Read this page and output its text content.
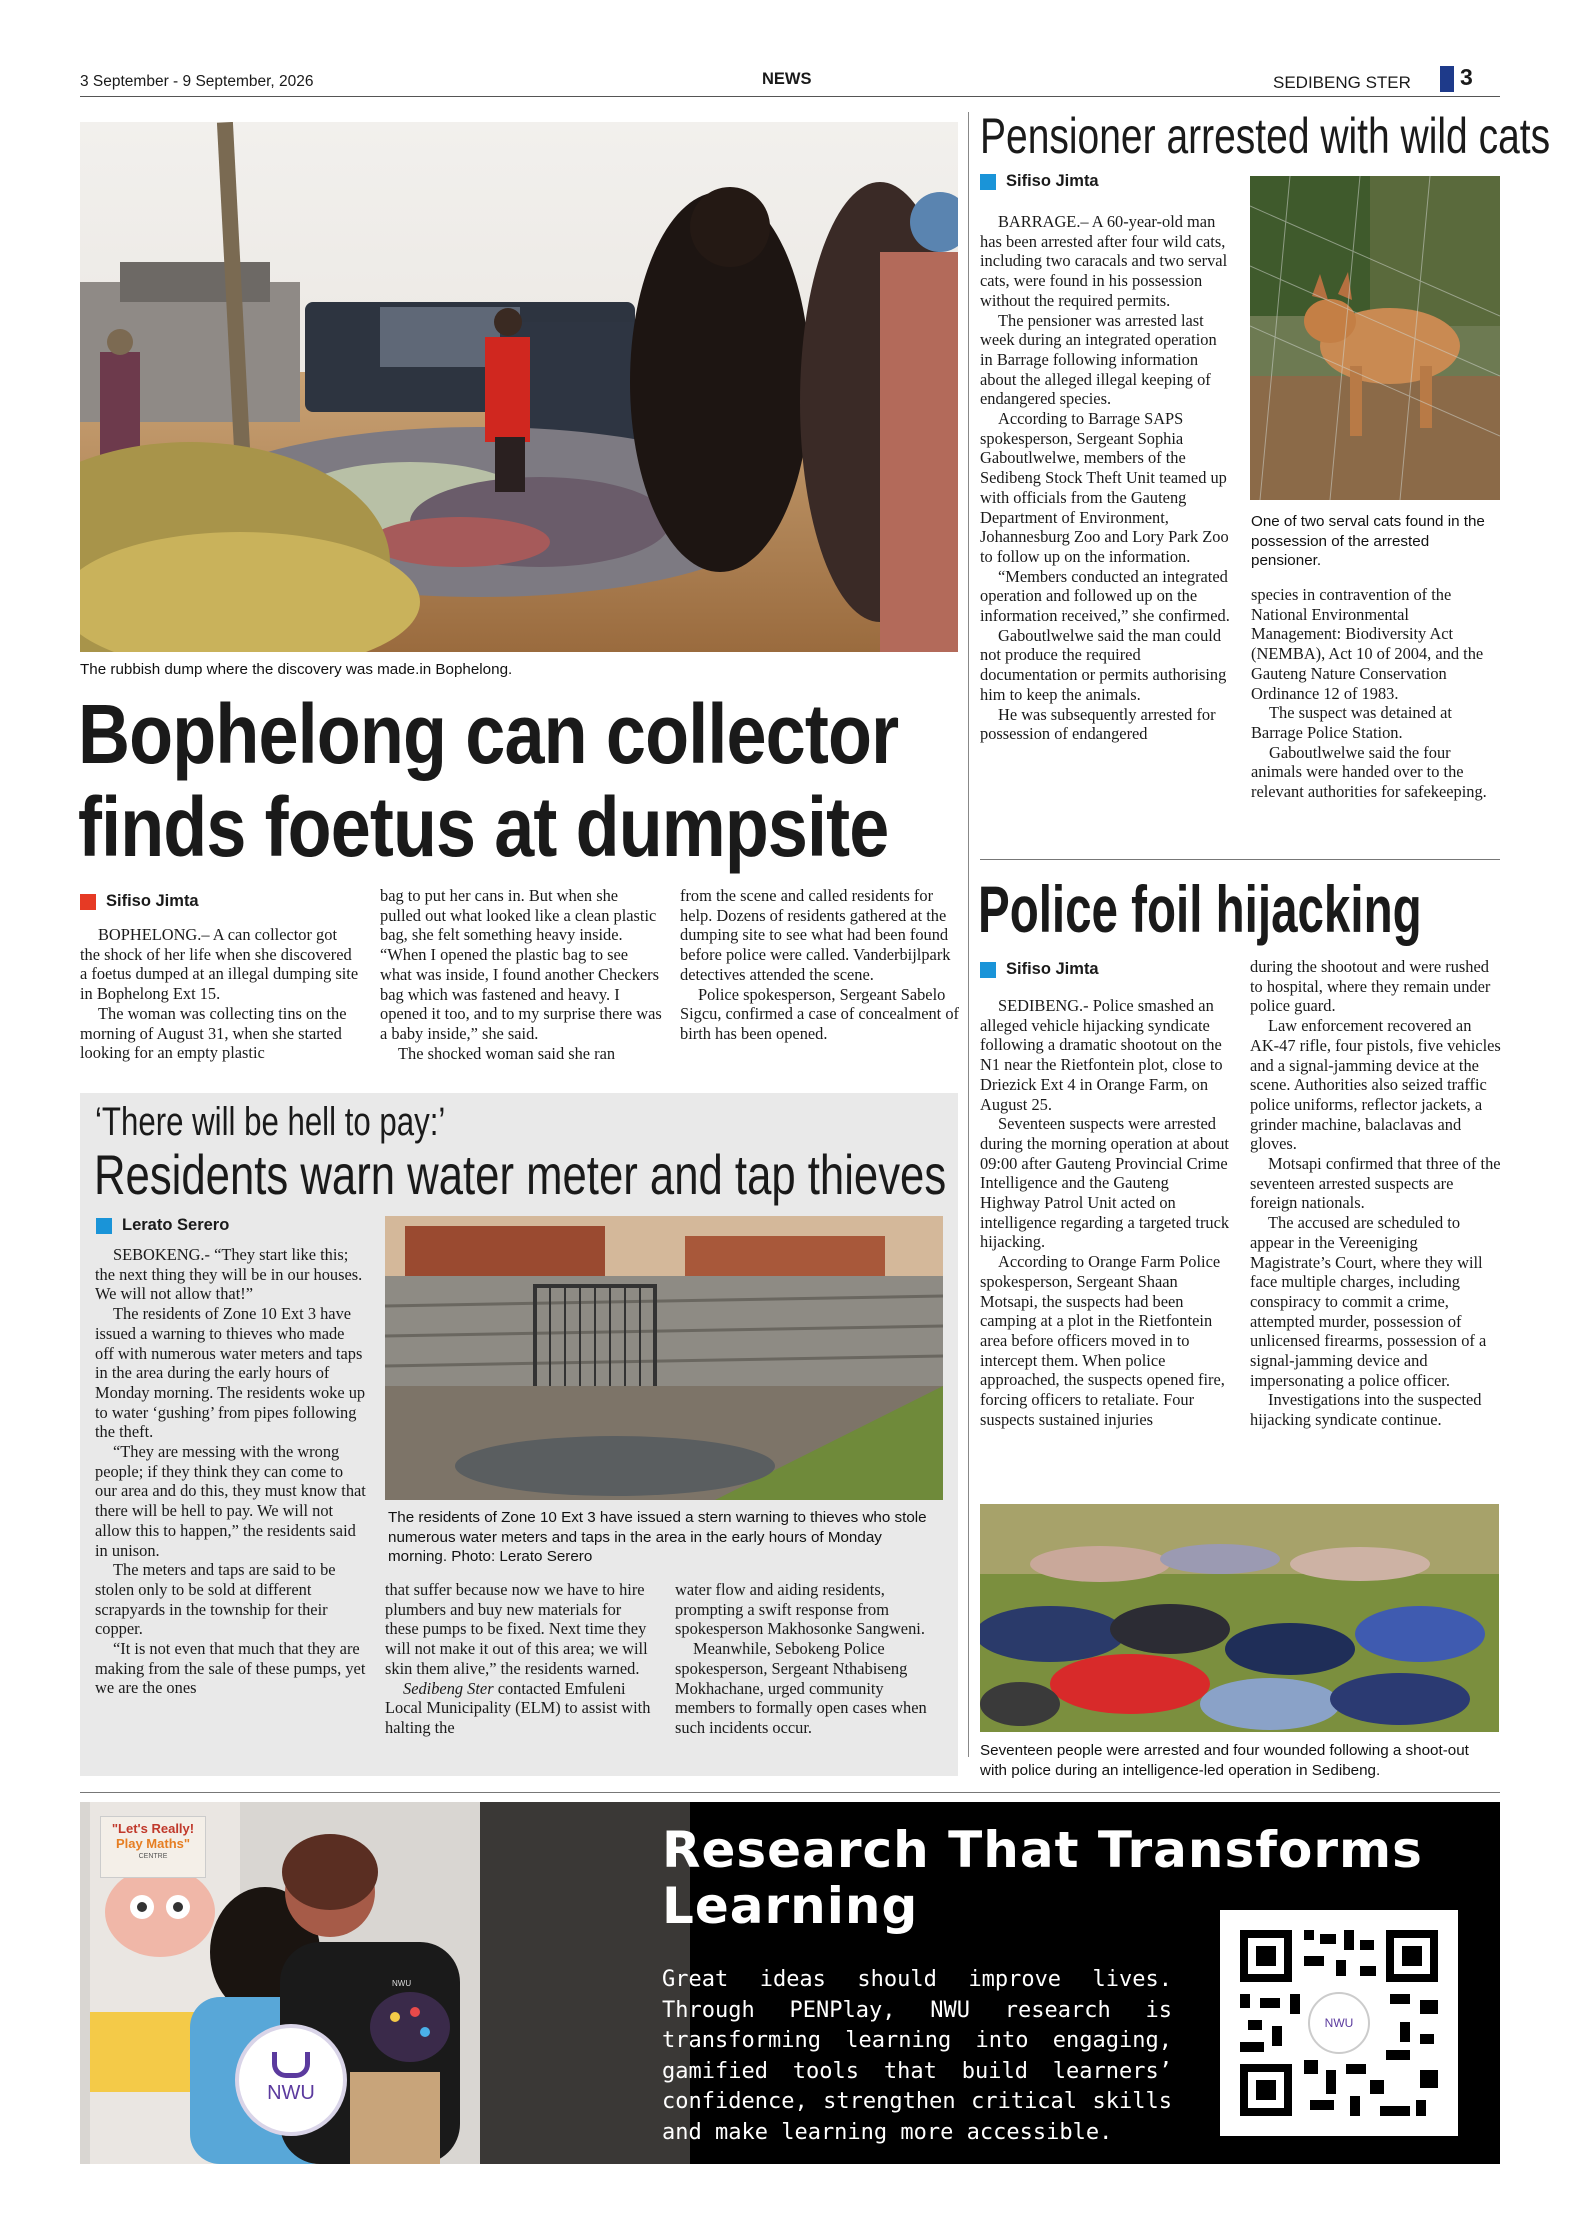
3 September - 9 September, 2026	NEWS	SEDIBENG STER 3
The rubbish dump where the discovery was made.in Bophelong.
Bophelong can collector
finds foetus at dumpsite
Sifiso Jimta

BOPHELONG.– A can collector got the shock of her life when she discovered a foetus dumped at an illegal dumping site in Bophelong Ext 15.

The woman was collecting tins on the morning of August 31, when she started looking for an empty plastic

bag to put her cans in. But when she pulled out what looked like a clean plastic bag, she felt something heavy inside. “When I opened the plastic bag to see what was inside, I found another Checkers bag which was fastened and heavy. I opened it too, and to my surprise there was a baby inside,” she said.

The shocked woman said she ran

from the scene and called residents for help. Dozens of residents gathered at the dumping site to see what had been found before police were called. Vanderbijlpark detectives attended the scene.

Police spokesperson, Sergeant Sabelo Sigcu, confirmed a case of concealment of birth has been opened.

Pensioner arrested with wild cats
Sifiso Jimta

BARRAGE.– A 60-year-old man has been arrested after four wild cats, including two caracals and two serval cats, were found in his possession without the required permits.

The pensioner was arrested last week during an integrated operation in Barrage following information about the alleged illegal keeping of endangered species.

According to Barrage SAPS spokesperson, Sergeant Sophia Gaboutlwelwe, members of the Sedibeng Stock Theft Unit teamed up with officials from the Gauteng Department of Environment, Johannesburg Zoo and Lory Park Zoo to follow up on the information.

“Members conducted an integrated operation and followed up on the information received,” she confirmed.

Gaboutlwelwe said the man could not produce the required documentation or permits authorising him to keep the animals.

He was subsequently arrested for possession of endangered

One of two serval cats found in the possession of the arrested pensioner.

species in contravention of the National Environmental Management: Biodiversity Act (NEMBA), Act 10 of 2004, and the Gauteng Nature Conservation Ordinance 12 of 1983.

The suspect was detained at Barrage Police Station.

Gaboutlwelwe said the four animals were handed over to the relevant authorities for safekeeping.

Police foil hijacking
Sifiso Jimta

SEDIBENG.- Police smashed an alleged vehicle hijacking syndicate following a dramatic shootout on the N1 near the Rietfontein plot, close to Driezick Ext 4 in Orange Farm, on August 25.

Seventeen suspects were arrested during the morning operation at about 09:00 after Gauteng Provincial Crime Intelligence and the Gauteng Highway Patrol Unit acted on intelligence regarding a targeted truck hijacking.

According to Orange Farm Police spokesperson, Sergeant Shaan Motsapi, the suspects had been camping at a plot in the Rietfontein area before officers moved in to intercept them. When police approached, the suspects opened fire, forcing officers to retaliate. Four suspects sustained injuries

during the shootout and were rushed to hospital, where they remain under police guard.

Law enforcement recovered an AK-47 rifle, four pistols, five vehicles and a signal-jamming device at the scene. Authorities also seized traffic police uniforms, reflector jackets, a grinder machine, balaclavas and gloves.

Motsapi confirmed that three of the seventeen arrested suspects are foreign nationals.

The accused are scheduled to appear in the Vereeniging Magistrate’s Court, where they will face multiple charges, including conspiracy to commit a crime, attempted murder, possession of unlicensed firearms, possession of a signal-jamming device and impersonating a police officer.

Investigations into the suspected hijacking syndicate continue.

Seventeen people were arrested and four wounded following a shoot-out with police during an intelligence-led operation in Sedibeng.
‘There will be hell to pay:’
Residents warn water meter and tap thieves
Lerato Serero

SEBOKENG.- “They start like this; the next thing they will be in our houses. We will not allow that!”

The residents of Zone 10 Ext 3 have issued a warning to thieves who made off with numerous water meters and taps in the area during the early hours of Monday morning. The residents woke up to water ‘gushing’ from pipes following the theft.

“They are messing with the wrong people; if they think they can come to our area and do this, they must know that there will be hell to pay. We will not allow this to happen,” the residents said in unison.

The meters and taps are said to be stolen only to be sold at different scrapyards in the township for their copper.

“It is not even that much that they are making from the sale of these pumps, yet we are the ones

The residents of Zone 10 Ext 3 have issued a stern warning to thieves who stole numerous water meters and taps in the area in the early hours of Monday morning. Photo: Lerato Serero

that suffer because now we have to hire plumbers and buy new materials for these pumps to be fixed. Next time they will not make it out of this area; we will skin them alive,” the residents warned.

Sedibeng Ster contacted Emfuleni Local Municipality (ELM) to assist with halting the

water flow and aiding residents, prompting a swift response from spokesperson Makhosonke Sangweni.

Meanwhile, Sebokeng Police spokesperson, Sergeant Nthabiseng Mokhachane, urged community members to formally open cases when such incidents occur.

"Let's Really!
Play Maths"
CENTRE
NWU
NWU
Research That Transforms
Learning
Great ideas should improve lives. Through PENPlay, NWU research is transforming learning into engaging, gamified tools that build learners’ confidence, strengthen critical skills and make learning more accessible.
NWU
